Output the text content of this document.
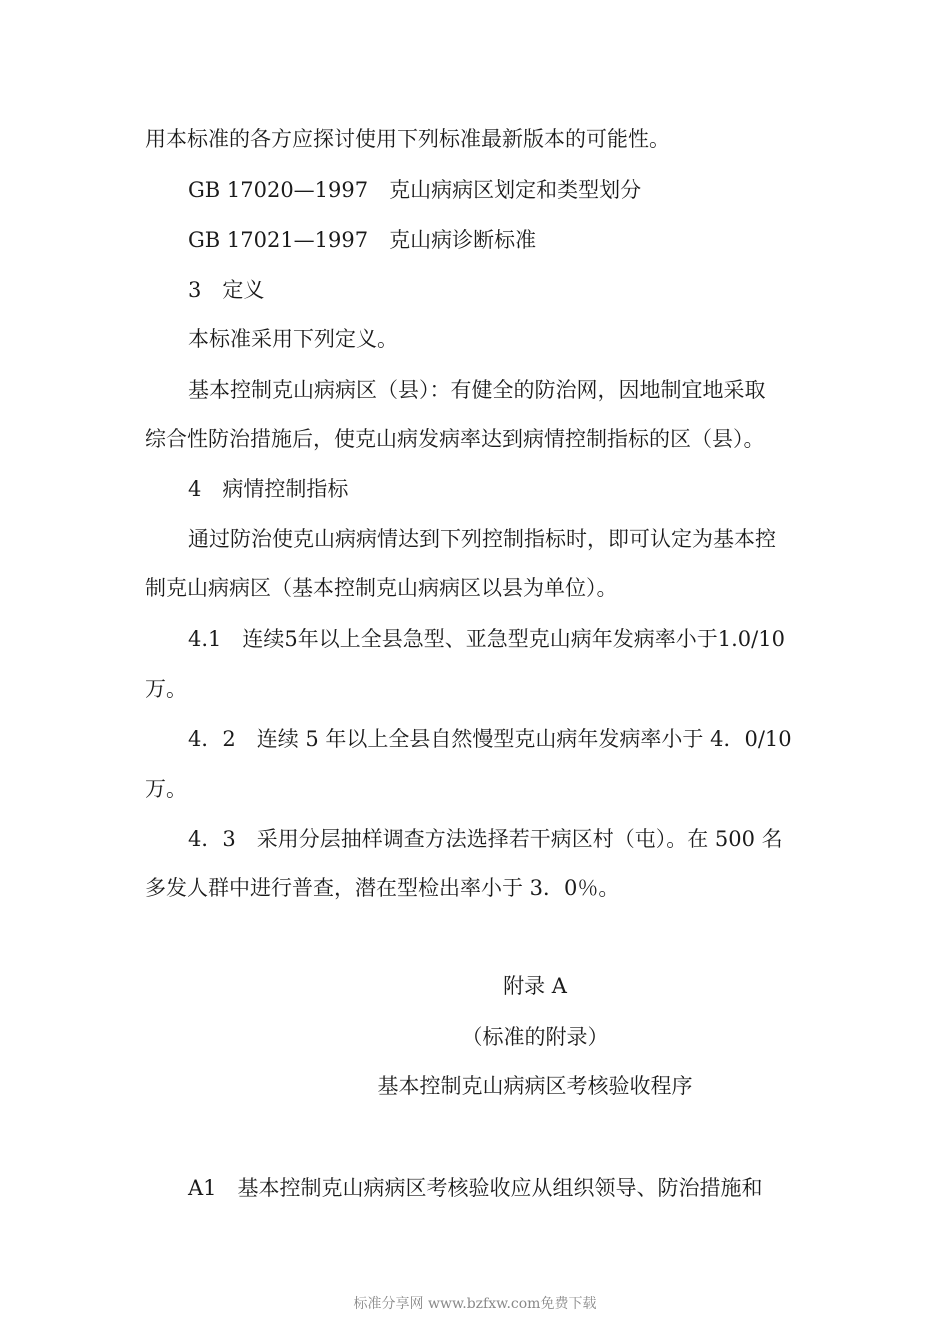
用本标准的各方应探讨使用下列标准最新版本的可能性。
GB 17020—1997　克山病病区划定和类型划分
GB 17021—1997　克山病诊断标准
3　定义
本标准采用下列定义。
基本控制克山病病区（县）：有健全的防治网，因地制宜地采取
综合性防治措施后，使克山病发病率达到病情控制指标的区（县）。
4　病情控制指标
通过防治使克山病病情达到下列控制指标时，即可认定为基本控
制克山病病区（基本控制克山病病区以县为单位）。
4.1　连续5年以上全县急型、亚急型克山病年发病率小于1.0/10
万。
4．2　连续 5 年以上全县自然慢型克山病年发病率小于 4．0/10
万。
4．3　采用分层抽样调查方法选择若干病区村（屯）。在 500 名
多发人群中进行普查，潜在型检出率小于 3．0％。
附录 A
（标准的附录）
基本控制克山病病区考核验收程序
A1　基本控制克山病病区考核验收应从组织领导、防治措施和
标准分享网 www.bzfxw.com免费下载
